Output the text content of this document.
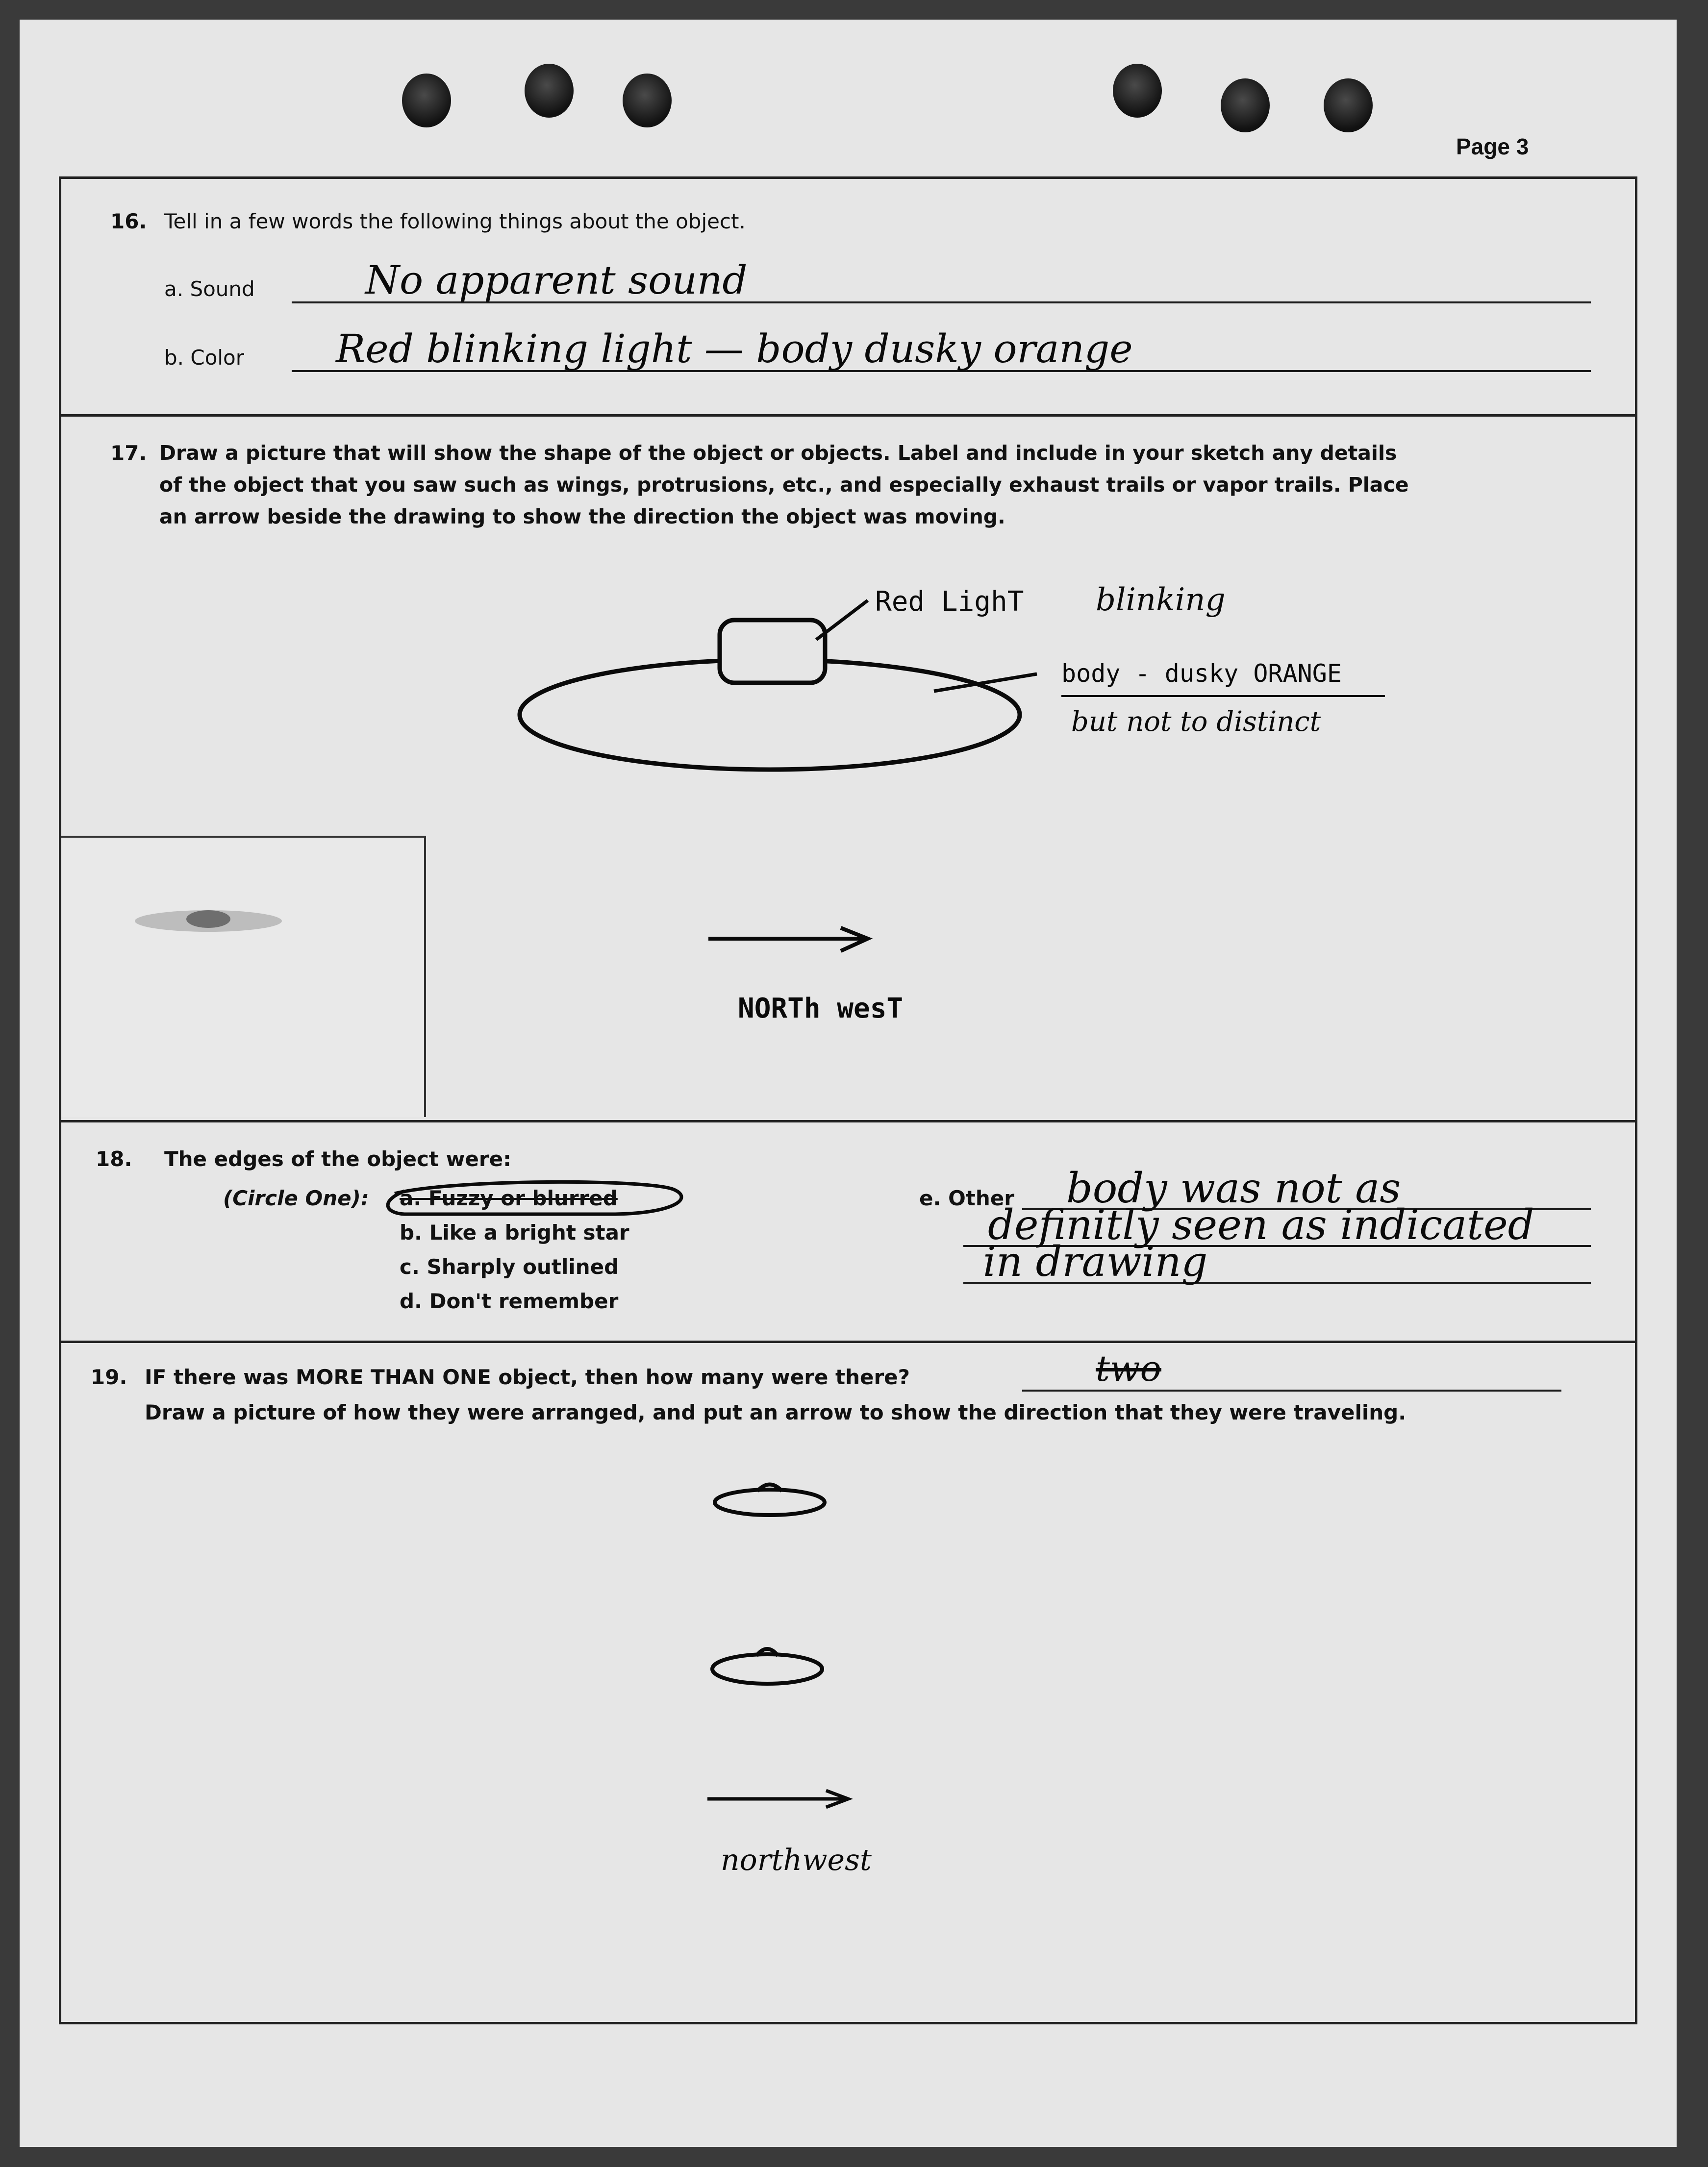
Page 3
16. Tell in a few words the following things about the object.
a. Sound	No apparent sound
b. Color Red blinking light — body dusky orange
17. Draw a picture that will show the shape of the object or objects. Label and include in your sketch any details
of the object that you saw such as wings, protrusions, etc., and especially exhaust trails or vapor trails. Place
an arrow beside the drawing to show the direction the object was moving.
Red LighT blinking
body - dusky ORANGE
but not to distinct
NORTh wesT
18. The edges of the object were:
(Circle One): a. Fuzzy or blurred
b. Like a bright star
c. Sharply outlined
d. Don't remember
e. Other body was not as
definitly seen as indicated
in drawing
19. IF there was MORE THAN ONE object, then how many were there?	two
Draw a picture of how they were arranged, and put an arrow to show the direction that they were traveling.
northwest
